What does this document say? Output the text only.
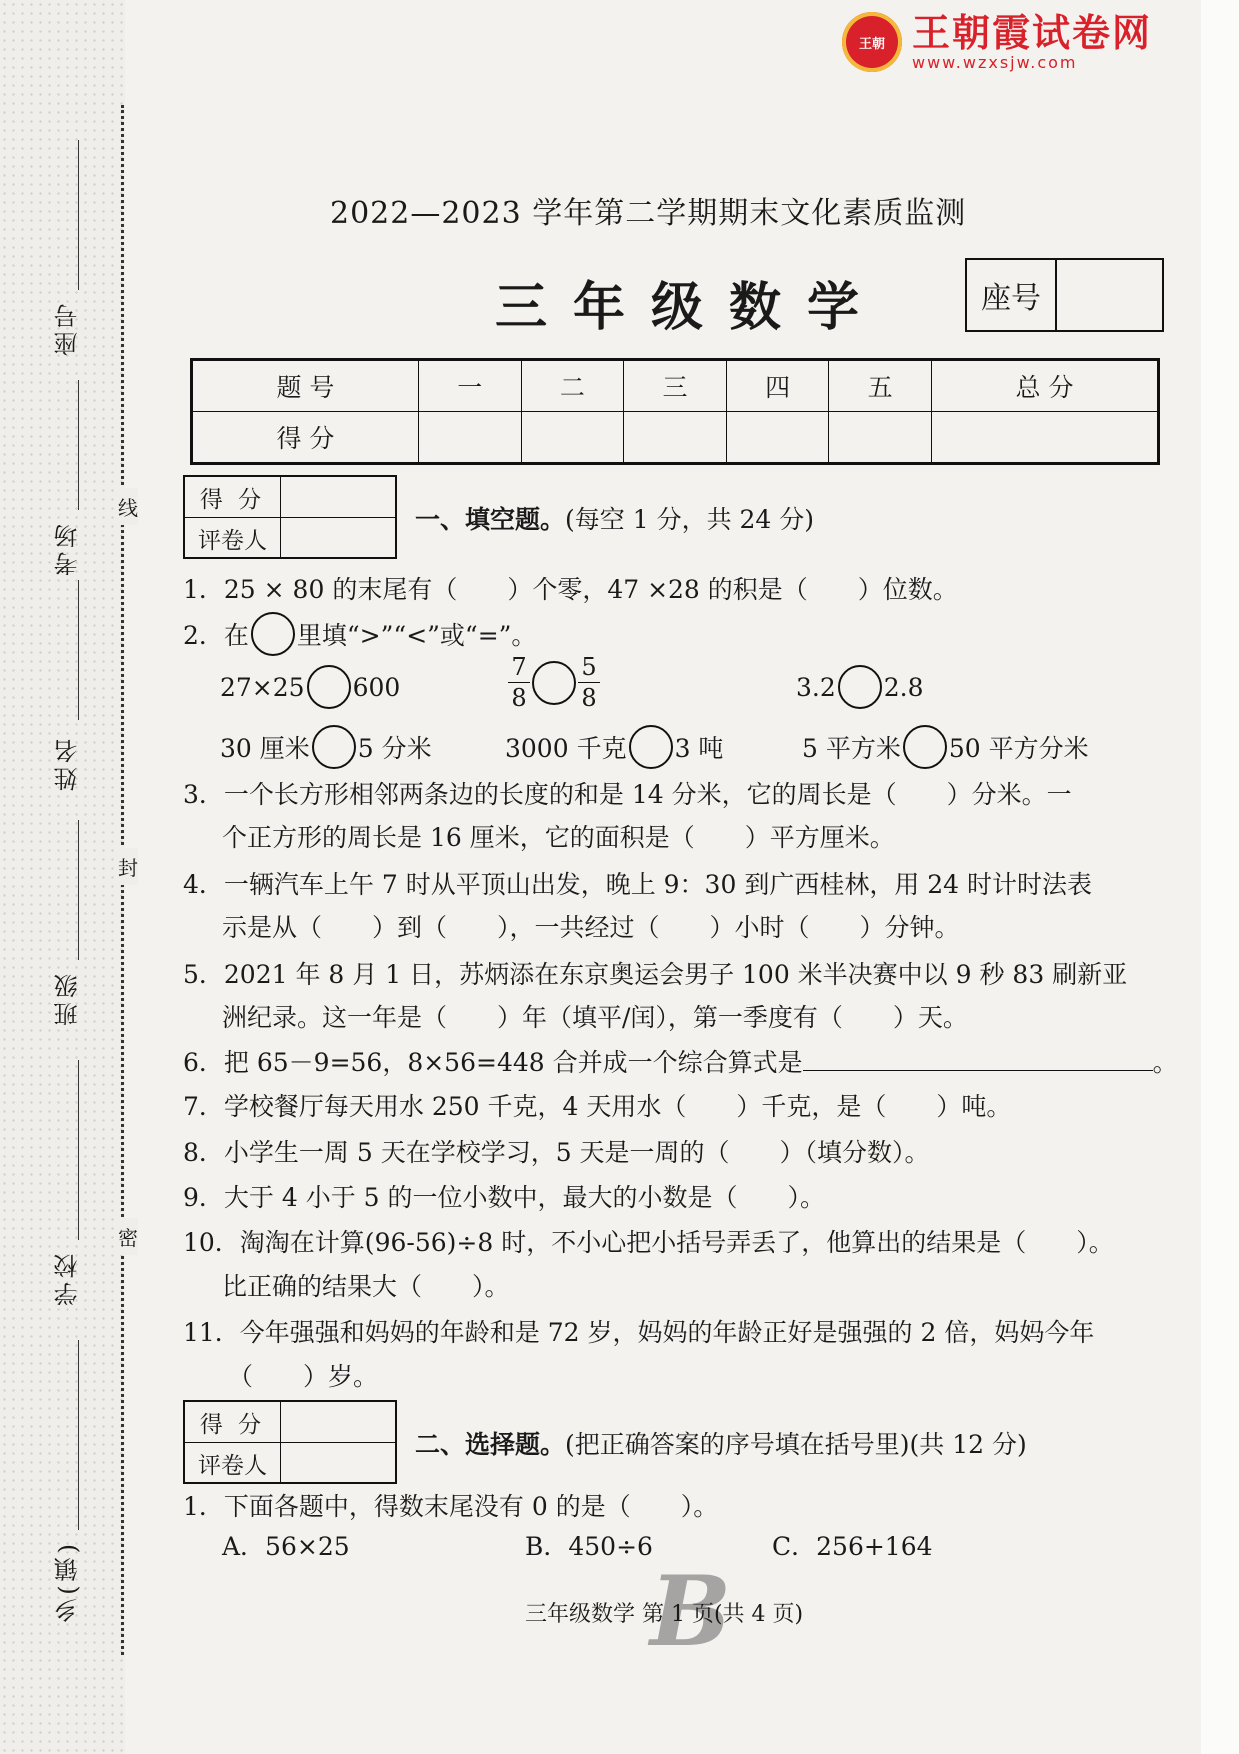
座号
考场
姓名
班级
学校
乡(镇)
线
封
密
王朝 王朝霞试卷网
www.wzxsjw.com
2022—2023 学年第二学期期末文化素质监测
三年级数学	座号
题 号	一	二	三	四	五	总 分
得 分						
得 分
评卷人
一、填空题。(每空 1 分，共 24 分)
1．25 × 80 的末尾有（　　）个零，47 ×28 的积是（　　）位数。
2．在 里填“>”“<”或“=”。
27×25 600	$\frac{7}{8} \frac{5}{8}$	3.2 2.8
30 厘米 5 分米	3000 千克 3 吨	5 平方米 50 平方分米
3．一个长方形相邻两条边的长度的和是 14 分米，它的周长是（　　）分米。一
个正方形的周长是 16 厘米，它的面积是（　　）平方厘米。
4．一辆汽车上午 7 时从平顶山出发，晚上 9：30 到广西桂林，用 24 时计时法表
示是从（　　）到（　　），一共经过（　　）小时（　　）分钟。
5．2021 年 8 月 1 日，苏炳添在东京奥运会男子 100 米半决赛中以 9 秒 83 刷新亚
洲纪录。这一年是（　　）年（填平/闰），第一季度有（　　）天。
6．把 65－9=56，8×56=448 合并成一个综合算式是	。
7．学校餐厅每天用水 250 千克，4 天用水（　　）千克，是（　　）吨。
8．小学生一周 5 天在学校学习，5 天是一周的（　　）（填分数）。
9．大于 4 小于 5 的一位小数中，最大的小数是（　　）。
10．淘淘在计算(96-56)÷8 时，不小心把小括号弄丢了，他算出的结果是（　　）。
比正确的结果大（　　）。
11．今年强强和妈妈的年龄和是 72 岁，妈妈的年龄正好是强强的 2 倍，妈妈今年
（　　）岁。
得 分
评卷人
二、选择题。(把正确答案的序号填在括号里)(共 12 分)
1．下面各题中，得数末尾没有 0 的是（　　）。
A．56×25	B．450÷6	C．256+164
B
三年级数学 第 1 页(共 4 页)
